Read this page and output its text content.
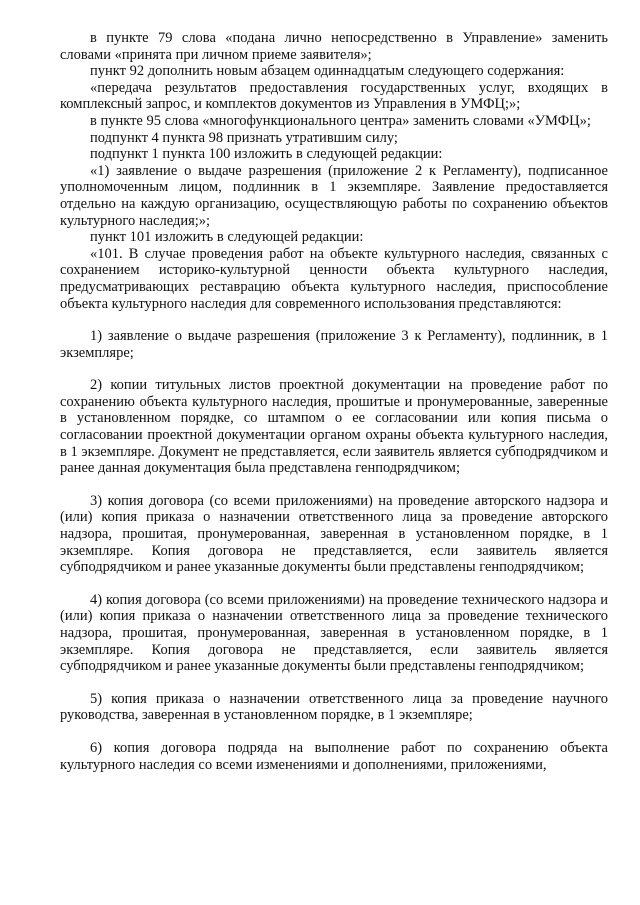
в пункте 79 слова «подана лично непосредственно в Управление» заменить словами «принята при личном приеме заявителя»;

пункт 92 дополнить новым абзацем одиннадцатым следующего содержания:

«передача результатов предоставления государственных услуг, входящих в комплексный запрос, и комплектов документов из Управления в УМФЦ;»;

в пункте 95 слова «многофункционального центра» заменить словами «УМФЦ»;

подпункт 4 пункта 98 признать утратившим силу;

подпункт 1 пункта 100 изложить в следующей редакции:

«1) заявление о выдаче разрешения (приложение 2 к Регламенту), подписанное уполномоченным лицом, подлинник в 1 экземпляре. Заявление предоставляется отдельно на каждую организацию, осуществляющую работы по сохранению объектов культурного наследия;»;

пункт 101 изложить в следующей редакции:

«101. В случае проведения работ на объекте культурного наследия, связанных с сохранением историко-культурной ценности объекта культурного наследия, предусматривающих реставрацию объекта культурного наследия, приспособление объекта культурного наследия для современного использования представляются:

1) заявление о выдаче разрешения (приложение 3 к Регламенту), подлинник, в 1 экземпляре;

2) копии титульных листов проектной документации на проведение работ по сохранению объекта культурного наследия, прошитые и пронумерованные, заверенные в установленном порядке, со штампом о ее согласовании или копия письма о согласовании проектной документации органом охраны объекта культурного наследия, в 1 экземпляре. Документ не представляется, если заявитель является субподрядчиком и ранее данная документация была представлена генподрядчиком;

3) копия договора (со всеми приложениями) на проведение авторского надзора и (или) копия приказа о назначении ответственного лица за проведение авторского надзора, прошитая, пронумерованная, заверенная в установленном порядке, в 1 экземпляре. Копия договора не представляется, если заявитель является субподрядчиком и ранее указанные документы были представлены генподрядчиком;

4) копия договора (со всеми приложениями) на проведение технического надзора и (или) копия приказа о назначении ответственного лица за проведение технического надзора, прошитая, пронумерованная, заверенная в установленном порядке, в 1 экземпляре. Копия договора не представляется, если заявитель является субподрядчиком и ранее указанные документы были представлены генподрядчиком;

5) копия приказа о назначении ответственного лица за проведение научного руководства, заверенная в установленном порядке, в 1 экземпляре;

6) копия договора подряда на выполнение работ по сохранению объекта культурного наследия со всеми изменениями и дополнениями, приложениями,
